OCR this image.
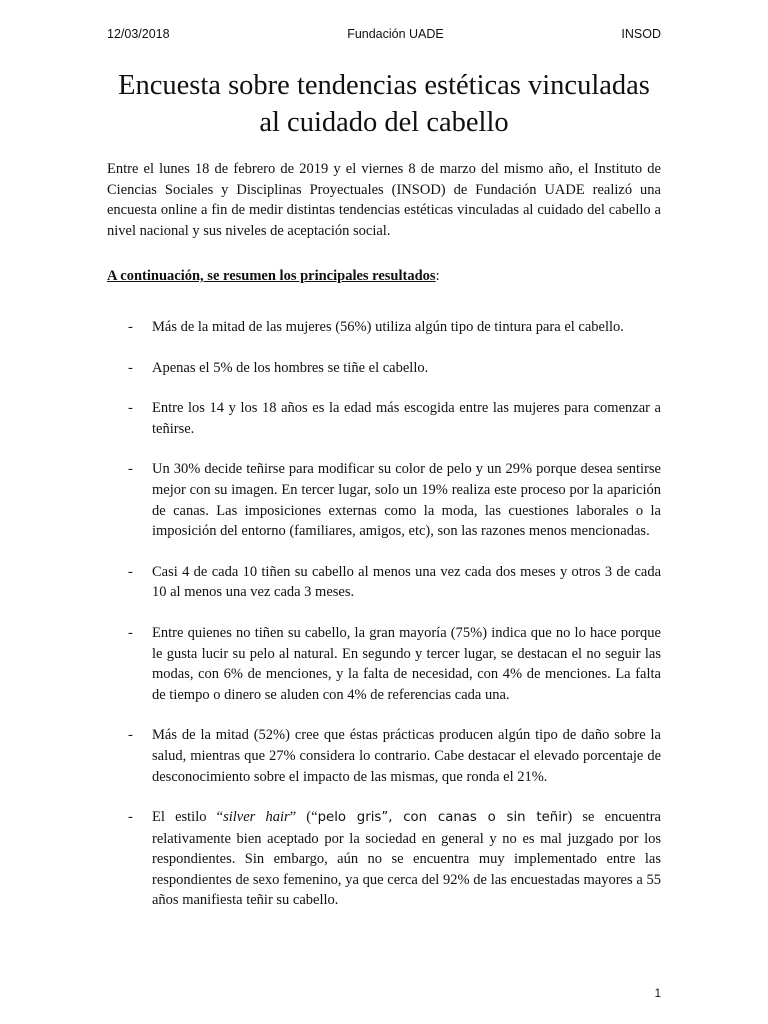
12/03/2018	Fundación UADE	INSOD
Encuesta sobre tendencias estéticas vinculadas
al cuidado del cabello

Entre el lunes 18 de febrero de 2019 y el viernes 8 de marzo del mismo año, el Instituto de Ciencias Sociales y Disciplinas Proyectuales (INSOD) de Fundación UADE realizó una encuesta online a fin de medir distintas tendencias estéticas vinculadas al cuidado del cabello a nivel nacional y sus niveles de aceptación social.

A continuación, se resumen los principales resultados:
- Más de la mitad de las mujeres (56%) utiliza algún tipo de tintura para el cabello.
- Apenas el 5% de los hombres se tiñe el cabello.
- Entre los 14 y los 18 años es la edad más escogida entre las mujeres para comenzar a teñirse.
- Un 30% decide teñirse para modificar su color de pelo y un 29% porque desea sentirse mejor con su imagen. En tercer lugar, solo un 19% realiza este proceso por la aparición de canas. Las imposiciones externas como la moda, las cuestiones laborales o la imposición del entorno (familiares, amigos, etc), son las razones menos mencionadas.
- Casi 4 de cada 10 tiñen su cabello al menos una vez cada dos meses y otros 3 de cada 10 al menos una vez cada 3 meses.
- Entre quienes no tiñen su cabello, la gran mayoría (75%) indica que no lo hace porque le gusta lucir su pelo al natural. En segundo y tercer lugar, se destacan el no seguir las modas, con 6% de menciones, y la falta de necesidad, con 4% de menciones. La falta de tiempo o dinero se aluden con 4% de referencias cada una.
- Más de la mitad (52%) cree que éstas prácticas producen algún tipo de daño sobre la salud, mientras que 27% considera lo contrario. Cabe destacar el elevado porcentaje de desconocimiento sobre el impacto de las mismas, que ronda el 21%.
- El estilo “silver hair” (“pelo gris”, con canas o sin teñir) se encuentra relativamente bien aceptado por la sociedad en general y no es mal juzgado por los respondientes. Sin embargo, aún no se encuentra muy implementado entre las respondientes de sexo femenino, ya que cerca del 92% de las encuestadas mayores a 55 años manifiesta teñir su cabello.
1
